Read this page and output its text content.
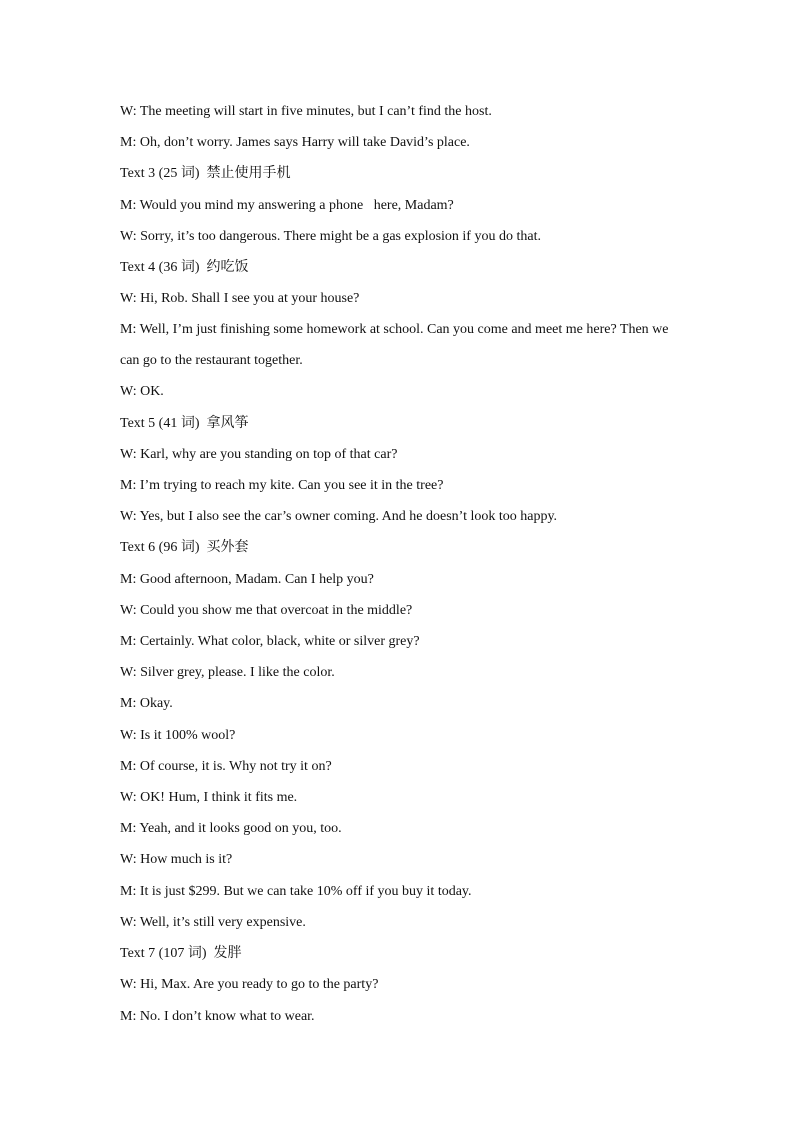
W: The meeting will start in five minutes, but I can’t find the host.
M: Oh, don’t worry. James says Harry will take David’s place.
Text 3 (25 词)  禁止使用手机
M: Would you mind my answering a phone   here, Madam?
W: Sorry, it’s too dangerous. There might be a gas explosion if you do that.
Text 4 (36 词)  约吃饭
W: Hi, Rob. Shall I see you at your house?
M: Well, I’m just finishing some homework at school. Can you come and meet me here? Then we
can go to the restaurant together.
W: OK.
Text 5 (41 词)  拿风筝
W: Karl, why are you standing on top of that car?
M: I’m trying to reach my kite. Can you see it in the tree?
W: Yes, but I also see the car’s owner coming. And he doesn’t look too happy.
Text 6 (96 词)  买外套
M: Good afternoon, Madam. Can I help you?
W: Could you show me that overcoat in the middle?
M: Certainly. What color, black, white or silver grey?
W: Silver grey, please. I like the color.
M: Okay.
W: Is it 100% wool?
M: Of course, it is. Why not try it on?
W: OK! Hum, I think it fits me.
M: Yeah, and it looks good on you, too.
W: How much is it?
M: It is just $299. But we can take 10% off if you buy it today.
W: Well, it’s still very expensive.
Text 7 (107 词)  发胖
W: Hi, Max. Are you ready to go to the party?
M: No. I don’t know what to wear.
